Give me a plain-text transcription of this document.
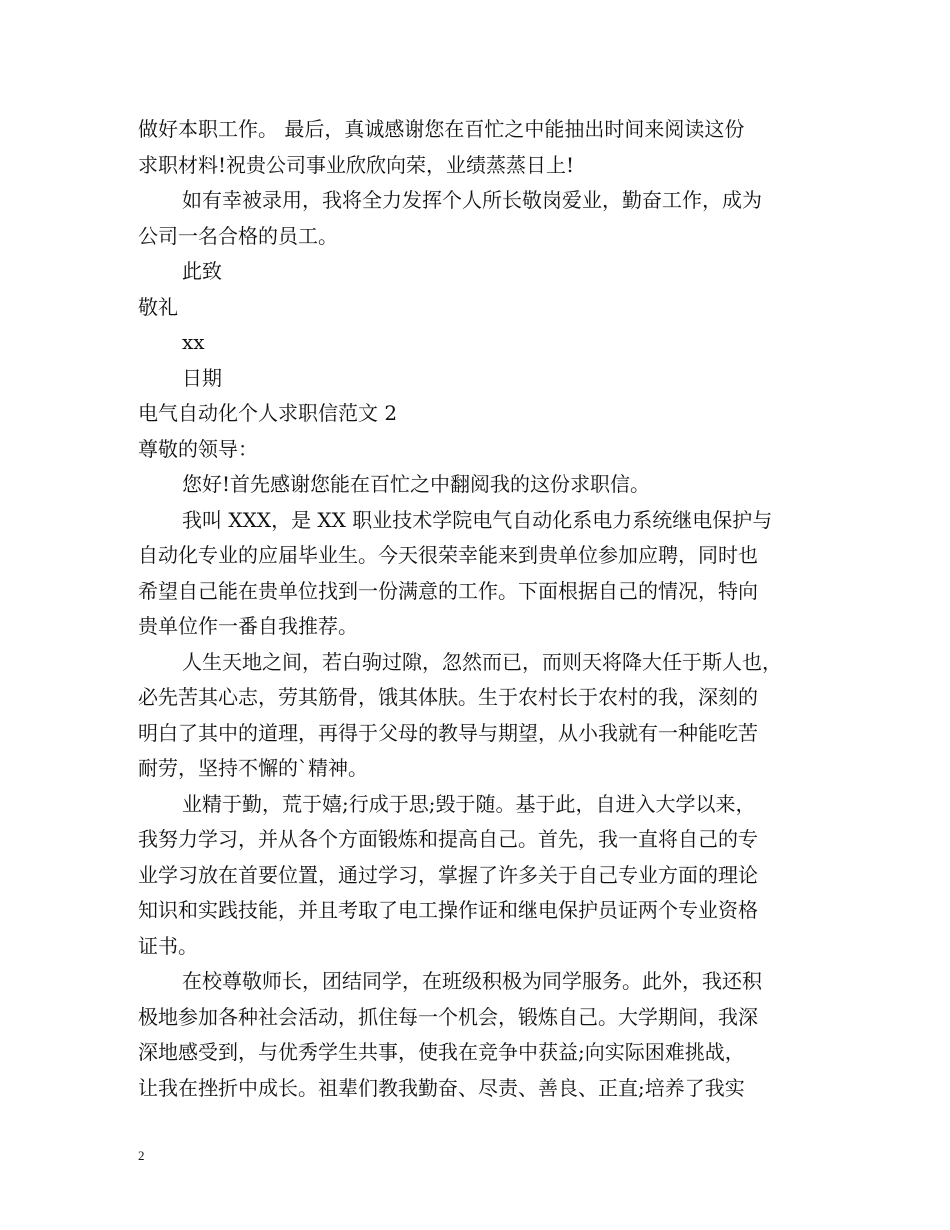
做好本职工作。 最后，真诚感谢您在百忙之中能抽出时间来阅读这份
求职材料!祝贵公司事业欣欣向荣，业绩蒸蒸日上!
如有幸被录用，我将全力发挥个人所长敬岗爱业，勤奋工作，成为
公司一名合格的员工。
此致
敬礼
xx
日期
电气自动化个人求职信范文 2
尊敬的领导：
您好!首先感谢您能在百忙之中翻阅我的这份求职信。
我叫 XXX，是 XX 职业技术学院电气自动化系电力系统继电保护与
自动化专业的应届毕业生。今天很荣幸能来到贵单位参加应聘，同时也
希望自己能在贵单位找到一份满意的工作。下面根据自己的情况，特向
贵单位作一番自我推荐。
人生天地之间，若白驹过隙，忽然而已，而则天将降大任于斯人也，
必先苦其心志，劳其筋骨，饿其体肤。生于农村长于农村的我，深刻的
明白了其中的道理，再得于父母的教导与期望，从小我就有一种能吃苦
耐劳，坚持不懈的`精神。
业精于勤，荒于嬉;行成于思;毁于随。基于此，自进入大学以来，
我努力学习，并从各个方面锻炼和提高自己。首先，我一直将自己的专
业学习放在首要位置，通过学习，掌握了许多关于自己专业方面的理论
知识和实践技能，并且考取了电工操作证和继电保护员证两个专业资格
证书。
在校尊敬师长，团结同学，在班级积极为同学服务。此外，我还积
极地参加各种社会活动，抓住每一个机会，锻炼自己。大学期间，我深
深地感受到，与优秀学生共事，使我在竞争中获益;向实际困难挑战，
让我在挫折中成长。祖辈们教我勤奋、尽责、善良、正直;培养了我实
2
